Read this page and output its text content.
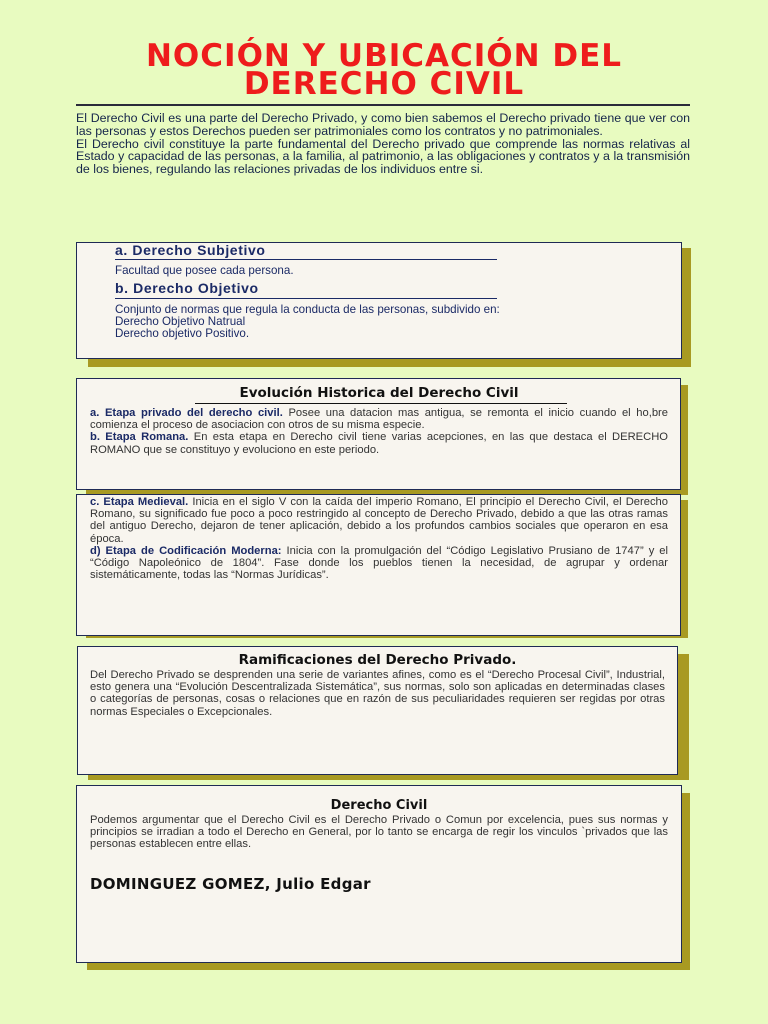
NOCIÓN Y UBICACIÓN DEL
DERECHO CIVIL

El Derecho Civil es una parte del Derecho Privado, y como bien sabemos el Derecho privado tiene que ver con las personas y estos Derechos pueden ser patrimoniales como los contratos y no patrimoniales.

El Derecho civil constituye la parte fundamental del Derecho privado que comprende las normas relativas al Estado y capacidad de las personas, a la familia, al patrimonio, a las obligaciones y contratos y a la transmisión de los bienes, regulando las relaciones privadas de los individuos entre si.

a. Derecho Subjetivo
Facultad que posee cada persona.
b. Derecho Objetivo
Conjunto de normas que regula la conducta de las personas, subdivido en:
Derecho Objetivo Natrual
Derecho objetivo Positivo.
Evolución Historica del Derecho Civil

a. Etapa privado del derecho civil. Posee una datacion mas antigua, se remonta el inicio cuando el ho,bre comienza el proceso de asociacion con otros de su misma especie.

b. Etapa Romana. En esta etapa en Derecho civil tiene varias acepciones, en las que destaca el DERECHO ROMANO que se constituyo y evoluciono en este periodo.

c. Etapa Medieval. Inicia en el siglo V con la caída del imperio Romano, El principio el Derecho Civil, el Derecho Romano, su significado fue poco a poco restringido al concepto de Derecho Privado, debido a que las otras ramas del antiguo Derecho, dejaron de tener aplicación, debido a los profundos cambios sociales que operaron en esa época.

d) Etapa de Codificación Moderna: Inicia con la promulgación del “Código Legislativo Prusiano de 1747” y el “Código Napoleónico de 1804”. Fase donde los pueblos tienen la necesidad, de agrupar y ordenar sistemáticamente, todas las “Normas Jurídicas”.

Ramificaciones del Derecho Privado.
Del Derecho Privado se desprenden una serie de variantes afines, como es el “Derecho Procesal Civil”, Industrial, esto genera una “Evolución Descentralizada Sistemática”, sus normas, solo son aplicadas en determinadas clases o categorías de personas, cosas o relaciones que en razón de sus peculiaridades requieren ser regidas por otras normas Especiales o Excepcionales.
Derecho Civil
Podemos argumentar que el Derecho Civil es el Derecho Privado o Comun por excelencia, pues sus normas y principios se irradian a todo el Derecho en General, por lo tanto se encarga de regir los vinculos `privados que las personas establecen entre ellas.
DOMINGUEZ GOMEZ, Julio Edgar
